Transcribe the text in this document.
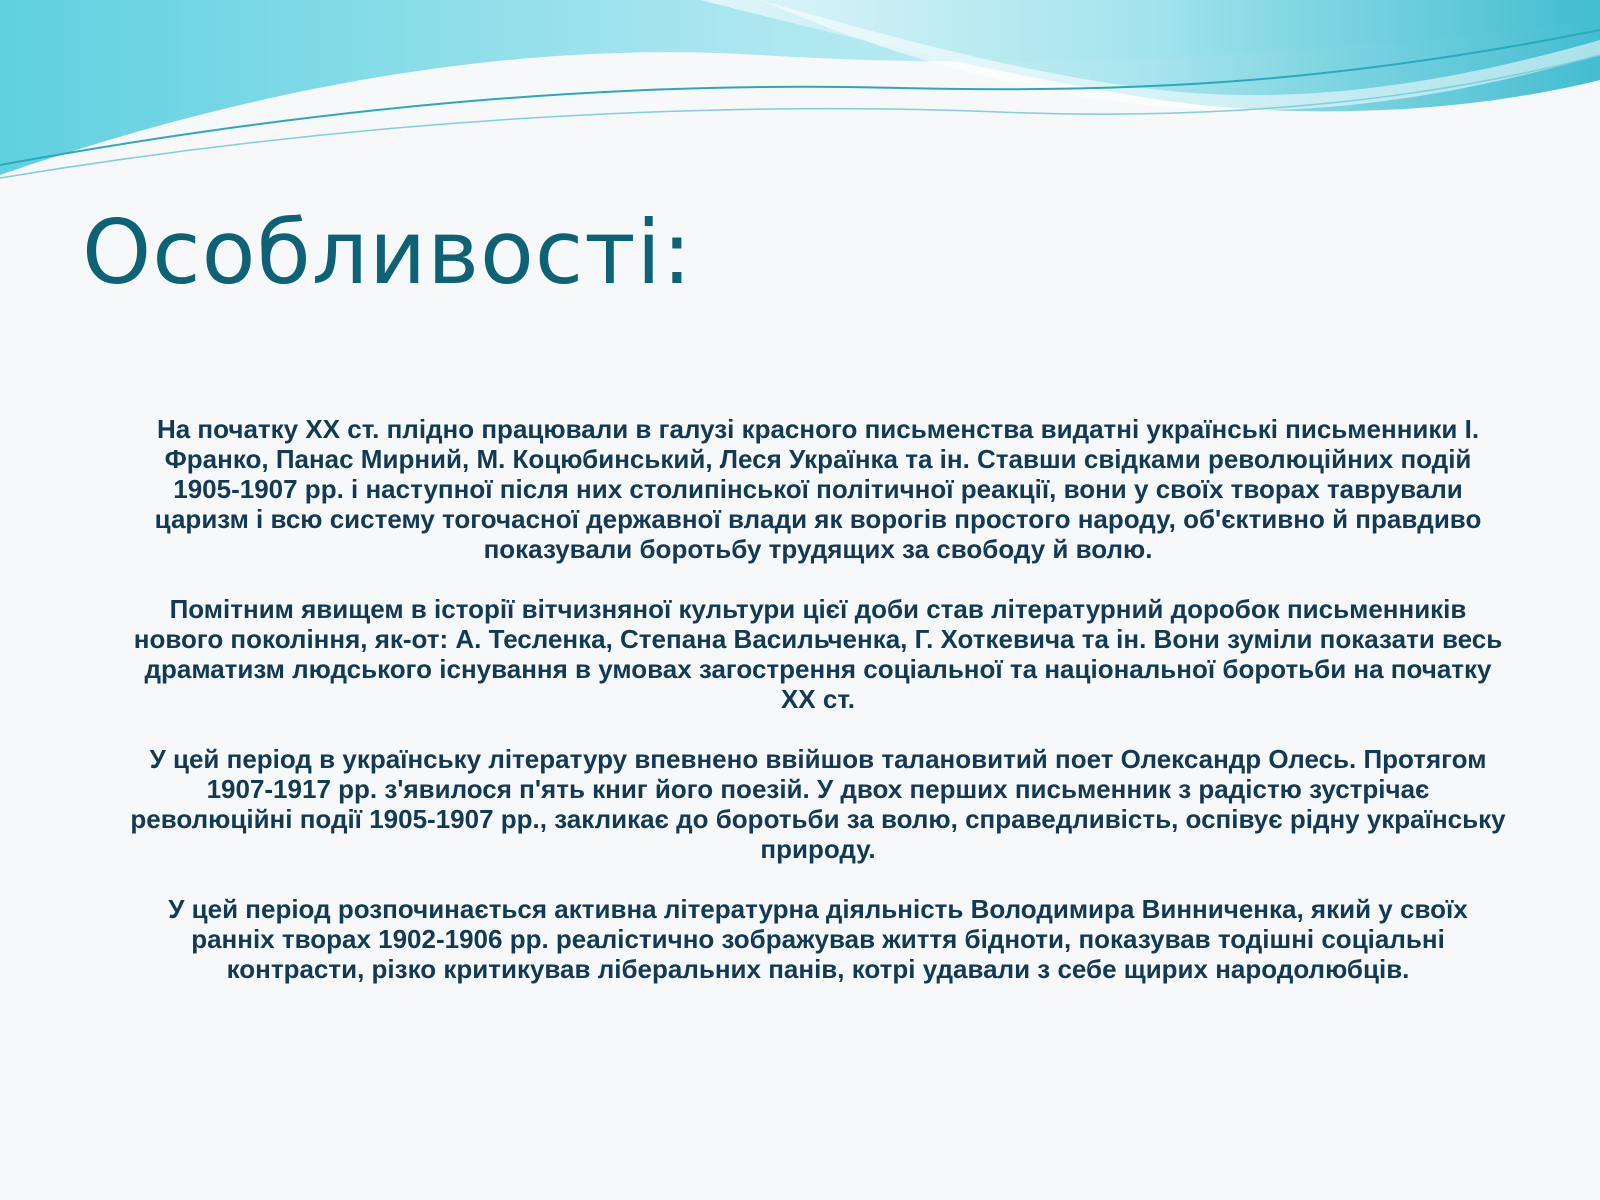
Особливості:

На початку XX ст. плідно працювали в галузі красного письменства видатні українські письменники І. Франко, Панас Мирний, М. Коцюбинський, Леся Українка та ін. Ставши свідками революційних подій 1905-1907 рр. і наступної після них столипінської політичної реакції, вони у своїх творах таврували царизм і всю систему тогочасної державної влади як ворогів простого народу, об'єктивно й правдиво показували боротьбу трудящих за свободу й волю.

Помітним явищем в історії вітчизняної культури цієї доби став літературний доробок письменників нового покоління, як-от: А. Тесленка, Степана Васильченка, Г. Хоткевича та ін. Вони зуміли показати весь драматизм людського існування в умовах загострення соціальної та національної боротьби на початку XX ст.

У цей період в українську літературу впевнено ввійшов талановитий поет Олександр Олесь. Протягом 1907-1917 рр. з'явилося п'ять книг його поезій. У двох перших письменник з радістю зустрічає революційні події 1905-1907 рр., закликає до боротьби за волю, справедливість, оспівує рідну українську природу.

У цей період розпочинається активна літературна діяльність Володимира Винниченка, який у своїх ранніх творах 1902-1906 рр. реалістично зображував життя бідноти, показував тодішні соціальні контрасти, різко критикував ліберальних панів, котрі удавали з себе щирих народолюбців.
